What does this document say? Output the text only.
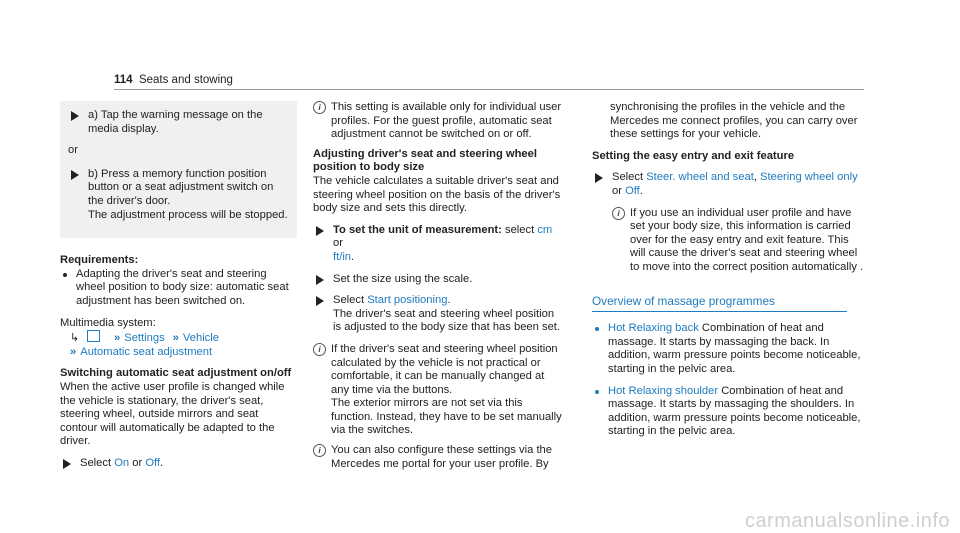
114 Seats and stowing
a) Tap the warning message on the media display.
or
b) Press a memory function position button or a seat adjustment switch on the driver's door.
The adjustment process will be stopped.
Requirements:
Adapting the driver's seat and steering wheel position to body size: automatic seat adjustment has been switched on.
Multimedia system:
↳	» Settings » Vehicle
» Automatic seat adjustment
Switching automatic seat adjustment on/off
When the active user profile is changed while the vehicle is stationary, the driver's seat, steering wheel, outside mirrors and seat contour will automatically be adapted to the driver.
Select On or Off.
i This setting is available only for individual user profiles. For the guest profile, automatic seat adjustment cannot be switched on or off.
Adjusting driver's seat and steering wheel position to body size
The vehicle calculates a suitable driver's seat and steering wheel position on the basis of the driver's body size and sets this directly.
To set the unit of measurement: select cm or
ft/in.
Set the size using the scale.
Select Start positioning.
The driver's seat and steering wheel position is adjusted to the body size that has been set.
i If the driver's seat and steering wheel position calculated by the vehicle is not practical or comfortable, it can be manually changed at any time via the buttons.
The exterior mirrors are not set via this function. Instead, they have to be set manually via the switches.
i You can also configure these settings via the Mercedes me portal for your user profile. By
synchronising the profiles in the vehicle and the Mercedes me connect profiles, you can carry over these settings for your vehicle.
Setting the easy entry and exit feature
Select Steer. wheel and seat, Steering wheel only or Off.
i If you use an individual user profile and have set your body size, this information is carried over for the easy entry and exit feature. This will cause the driver's seat and steering wheel to move into the correct position automatically .
Overview of massage programmes
Hot Relaxing back Combination of heat and massage. It starts by massaging the back. In addition, warm pressure points become noticeable, starting in the pelvic area.
Hot Relaxing shoulder Combination of heat and massage. It starts by massaging the shoulders. In addition, warm pressure points become noticeable, starting in the pelvic area.
carmanualsonline.info
